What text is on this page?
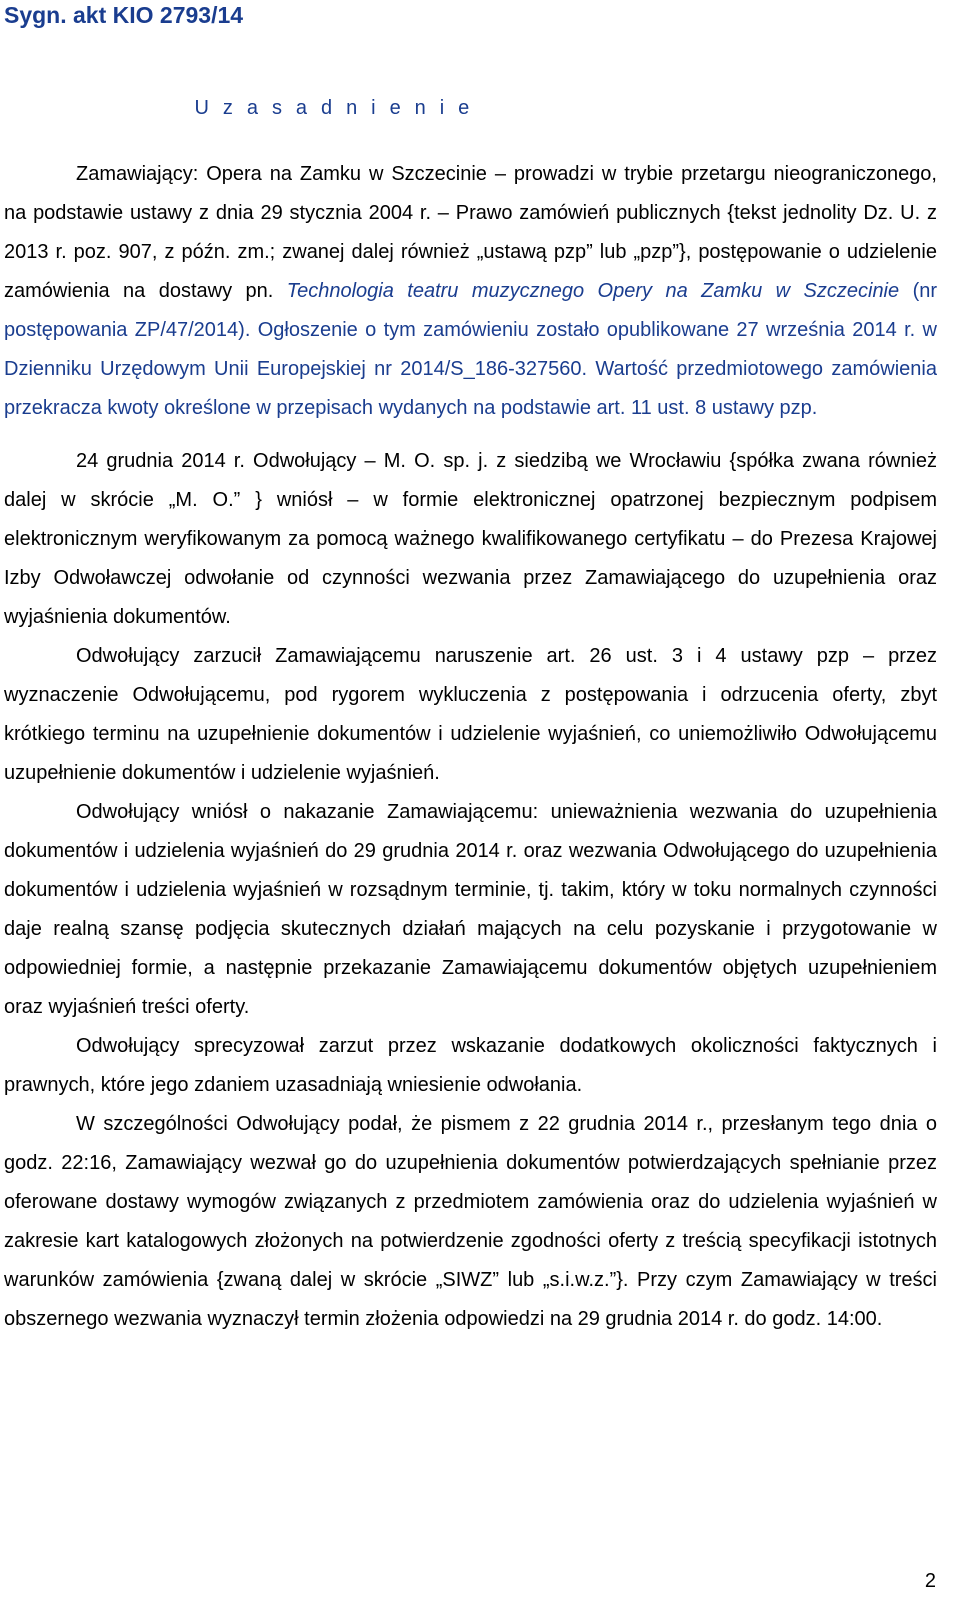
Sygn. akt KIO 2793/14
U z a s a d n i e n i e

Zamawiający: Opera na Zamku w Szczecinie – prowadzi w trybie przetargu nieograniczonego, na podstawie ustawy z dnia 29 stycznia 2004 r. – Prawo zamówień publicznych {tekst jednolity Dz. U. z 2013 r. poz. 907, z późn. zm.; zwanej dalej również „ustawą pzp” lub „pzp”}, postępowanie o udzielenie zamówienia na dostawy pn. Technologia teatru muzycznego Opery na Zamku w Szczecinie (nr postępowania ZP/47/2014). Ogłoszenie o tym zamówieniu zostało opublikowane 27 września 2014 r. w Dzienniku Urzędowym Unii Europejskiej nr 2014/S_186-327560. Wartość przedmiotowego zamówienia przekracza kwoty określone w przepisach wydanych na podstawie art. 11 ust. 8 ustawy pzp.

24 grudnia 2014 r. Odwołujący – M. O. sp. j. z siedzibą we Wrocławiu {spółka zwana również dalej w skrócie „M. O.” } wniósł – w formie elektronicznej opatrzonej bezpiecznym podpisem elektronicznym weryfikowanym za pomocą ważnego kwalifikowanego certyfikatu – do Prezesa Krajowej Izby Odwoławczej odwołanie od czynności wezwania przez Zamawiającego do uzupełnienia oraz wyjaśnienia dokumentów.

Odwołujący zarzucił Zamawiającemu naruszenie art. 26 ust. 3 i 4 ustawy pzp – przez wyznaczenie Odwołującemu, pod rygorem wykluczenia z postępowania i odrzucenia oferty, zbyt krótkiego terminu na uzupełnienie dokumentów i udzielenie wyjaśnień, co uniemożliwiło Odwołującemu uzupełnienie dokumentów i udzielenie wyjaśnień.

Odwołujący wniósł o nakazanie Zamawiającemu: unieważnienia wezwania do uzupełnienia dokumentów i udzielenia wyjaśnień do 29 grudnia 2014 r. oraz wezwania Odwołującego do uzupełnienia dokumentów i udzielenia wyjaśnień w rozsądnym terminie, tj. takim, który w toku normalnych czynności daje realną szansę podjęcia skutecznych działań mających na celu pozyskanie i przygotowanie w odpowiedniej formie, a następnie przekazanie Zamawiającemu dokumentów objętych uzupełnieniem oraz wyjaśnień treści oferty.

Odwołujący sprecyzował zarzut przez wskazanie dodatkowych okoliczności faktycznych i prawnych, które jego zdaniem uzasadniają wniesienie odwołania.

W szczególności Odwołujący podał, że pismem z 22 grudnia 2014 r., przesłanym tego dnia o godz. 22:16, Zamawiający wezwał go do uzupełnienia dokumentów potwierdzających spełnianie przez oferowane dostawy wymogów związanych z przedmiotem zamówienia oraz do udzielenia wyjaśnień w zakresie kart katalogowych złożonych na potwierdzenie zgodności oferty z treścią specyfikacji istotnych warunków zamówienia {zwaną dalej w skrócie „SIWZ” lub „s.i.w.z.”}. Przy czym Zamawiający w treści obszernego wezwania wyznaczył termin złożenia odpowiedzi na 29 grudnia 2014 r. do godz. 14:00.

2
